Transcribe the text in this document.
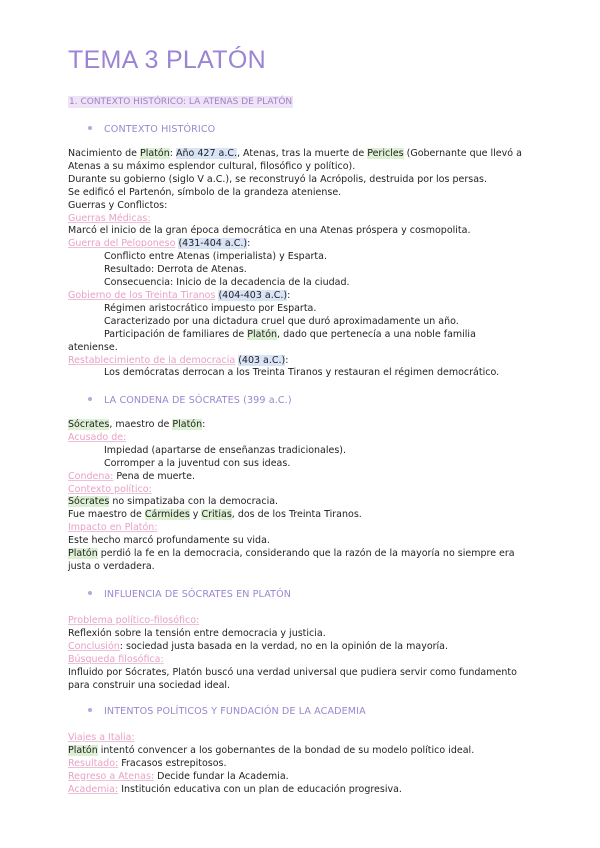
TEMA 3 PLATÓN
1. CONTEXTO HISTÓRICO: LA ATENAS DE PLATÓN
CONTEXTO HISTÓRICO
Nacimiento de Platón: Año 427 a.C., Atenas, tras la muerte de Pericles (Gobernante que llevó a
Atenas a su máximo esplendor cultural, filosófico y político).
Durante su gobierno (siglo V a.C.), se reconstruyó la Acrópolis, destruida por los persas.
Se edificó el Partenón, símbolo de la grandeza ateniense.
Guerras y Conflictos:
Guerras Médicas:
Marcó el inicio de la gran época democrática en una Atenas próspera y cosmopolita.
Guerra del Peloponeso (431-404 a.C.):
Conflicto entre Atenas (imperialista) y Esparta.
Resultado: Derrota de Atenas.
Consecuencia: Inicio de la decadencia de la ciudad.
Gobierno de los Treinta Tiranos (404-403 a.C.):
Régimen aristocrático impuesto por Esparta.
Caracterizado por una dictadura cruel que duró aproximadamente un año.
Participación de familiares de Platón, dado que pertenecía a una noble familia
ateniense.
Restablecimiento de la democracia (403 a.C.):
Los demócratas derrocan a los Treinta Tiranos y restauran el régimen democrático.
LA CONDENA DE SÓCRATES (399 a.C.)
Sócrates, maestro de Platón:
Acusado de:
Impiedad (apartarse de enseñanzas tradicionales).
Corromper a la juventud con sus ideas.
Condena: Pena de muerte.
Contexto político:
Sócrates no simpatizaba con la democracia.
Fue maestro de Cármides y Critias, dos de los Treinta Tiranos.
Impacto en Platón:
Este hecho marcó profundamente su vida.
Platón perdió la fe en la democracia, considerando que la razón de la mayoría no siempre era
justa o verdadera.
INFLUENCIA DE SÓCRATES EN PLATÓN
Problema político-filosófico:
Reflexión sobre la tensión entre democracia y justicia.
Conclusión: sociedad justa basada en la verdad, no en la opinión de la mayoría.
Búsqueda filosófica:
Influido por Sócrates, Platón buscó una verdad universal que pudiera servir como fundamento
para construir una sociedad ideal.
INTENTOS POLÍTICOS Y FUNDACIÓN DE LA ACADEMIA
Viajes a Italia:
Platón intentó convencer a los gobernantes de la bondad de su modelo político ideal.
Resultado: Fracasos estrepitosos.
Regreso a Atenas: Decide fundar la Academia.
Academia: Institución educativa con un plan de educación progresiva.
